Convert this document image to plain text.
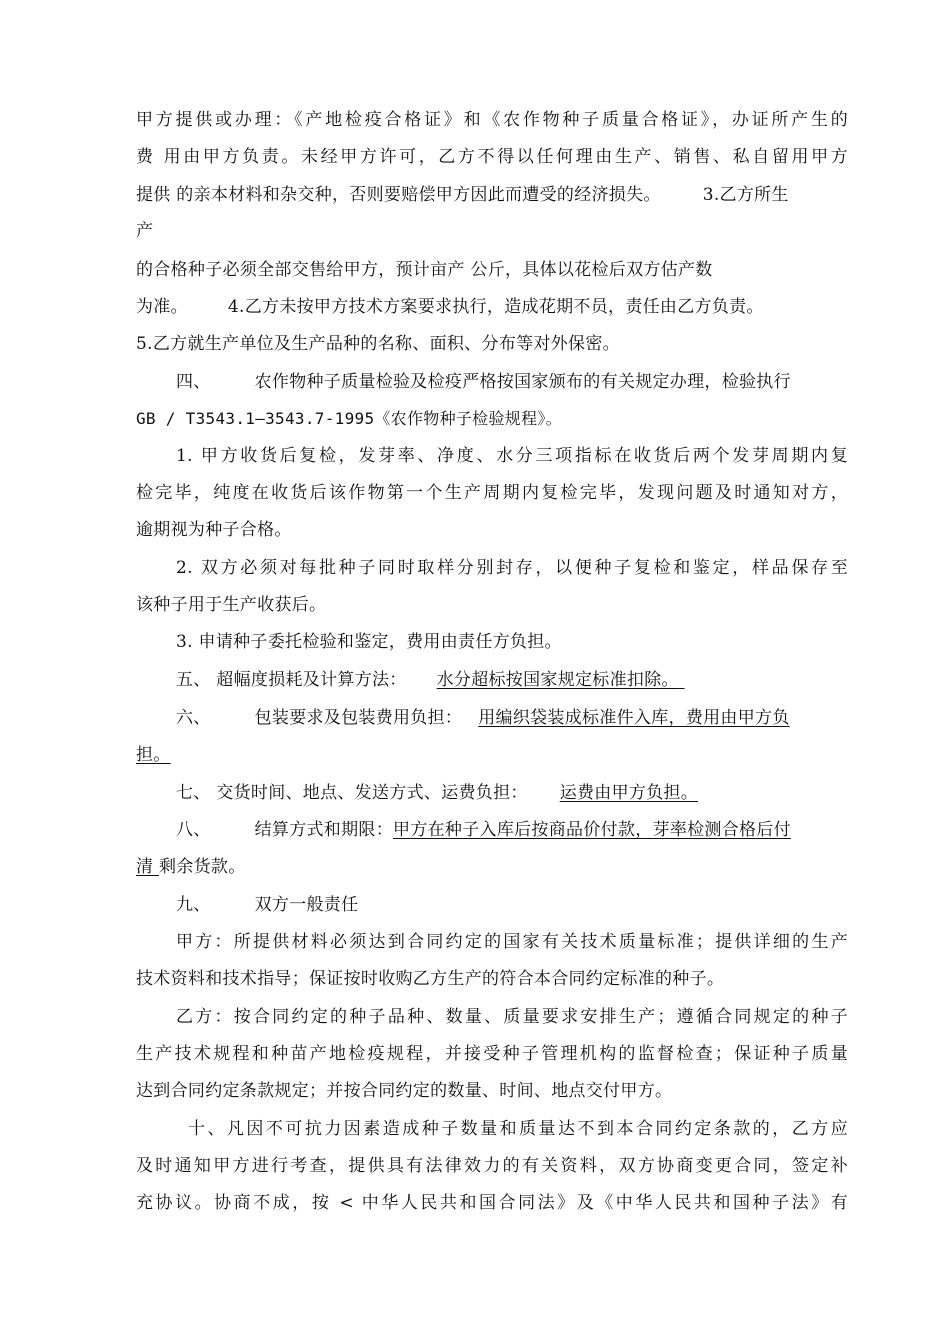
甲方提供或办理：《产地检疫合格证》和《农作物种子质量合格证》，办证所产生的
费 用由甲方负责。未经甲方许可，乙方不得以任何理由生产、销售、私自留用甲方
提供 的亲本材料和杂交种，否则要赔偿甲方因此而遭受的经济损失。 3.乙方所生
产
的合格种子必须全部交售给甲方，预计亩产 公斤，具体以花检后双方估产数
为准。 4.乙方未按甲方技术方案要求执行，造成花期不员，责任由乙方负责。
5.乙方就生产单位及生产品种的名称、面积、分布等对外保密。
四、	农作物种子质量检验及检疫严格按国家颁布的有关规定办理，检验执行
GB / T3543.1—3543.7-1995《农作物种子检验规程》。
1. 甲方收货后复检，发芽率、净度、水分三项指标在收货后两个发芽周期内复
检完毕，纯度在收货后该作物第一个生产周期内复检完毕，发现问题及时通知对方，
逾期视为种子合格。
2. 双方必须对每批种子同时取样分别封存，以便种子复检和鉴定，样品保存至
该种子用于生产收获后。
3. 申请种子委托检验和鉴定，费用由责任方负担。
五、 超幅度损耗及计算方法： 水分超标按国家规定标准扣除。
六、	包装要求及包装费用负担： 用编织袋装成标准件入库，费用由甲方负
担。
七、 交货时间、地点、发送方式、运费负担： 运费由甲方负担。
八、	结算方式和期限：甲方在种子入库后按商品价付款，芽率检测合格后付
清 剩余货款。
九、	双方一般责任
甲方：所提供材料必须达到合同约定的国家有关技术质量标准；提供详细的生产
技术资料和技术指导；保证按时收购乙方生产的符合本合同约定标准的种子。
乙方：按合同约定的种子品种、数量、质量要求安排生产；遵循合同规定的种子
生产技术规程和种苗产地检疫规程，并接受种子管理机构的监督检查；保证种子质量
达到合同约定条款规定；并按合同约定的数量、时间、地点交付甲方。
十、凡因不可抗力因素造成种子数量和质量达不到本合同约定条款的，乙方应
及时通知甲方进行考查，提供具有法律效力的有关资料，双方协商变更合同，签定补
充协议。协商不成，按 < 中华人民共和国合同法》及《中华人民共和国种子法》有
